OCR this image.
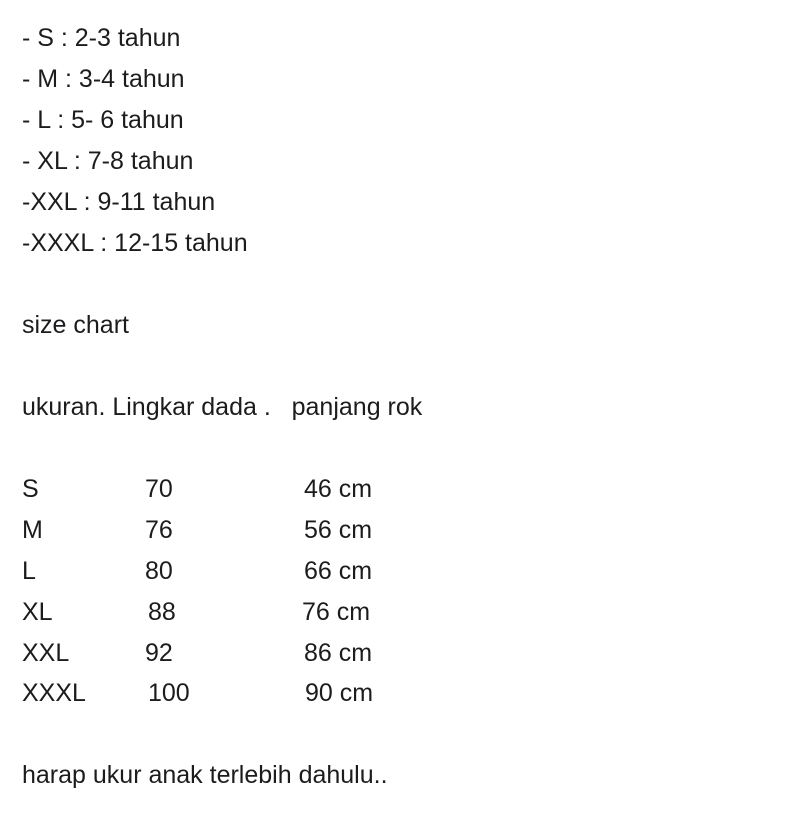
- S : 2-3 tahun
- M : 3-4 tahun
- L : 5- 6 tahun
- XL : 7-8 tahun
-XXL : 9-11 tahun
-XXXL : 12-15 tahun
size chart
ukuran. Lingkar dada .   panjang rok
S	70	46 cm
M	76	56 cm
L	80	66 cm
XL	88	76 cm
XXL	92	86 cm
XXXL 100	90 cm
harap ukur anak terlebih dahulu..
